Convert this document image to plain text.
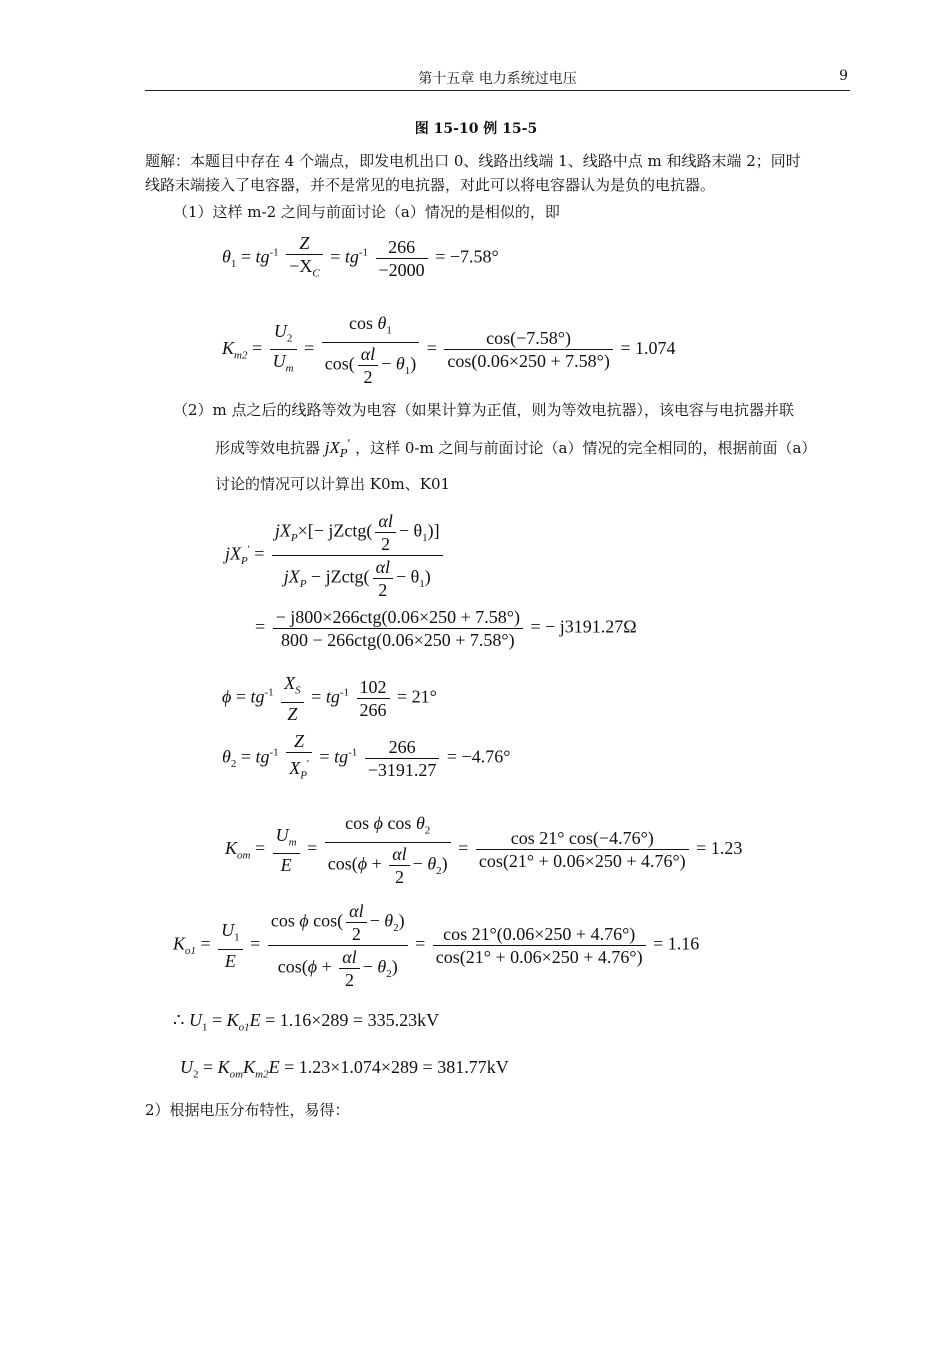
第十五章 电力系统过电压	9
图 15-10 例 15-5
题解：本题目中存在 4 个端点，即发电机出口 0、线路出线端 1、线路中点 m 和线路末端 2；同时
线路末端接入了电容器，并不是常见的电抗器，对此可以将电容器认为是负的电抗器。
（1）这样 m-2 之间与前面讨论（a）情况的是相似的，即
$\theta_1 = tg^{-1} \frac{Z}{-X_C} = tg^{-1} \frac{266}{-2000} = -7.58^\circ$
$K_{m2} = \frac{U_2}{U_m} = \frac{\cos \theta_1}{\cos( \frac{\alpha l}{2} - \theta_1)} = \frac{\cos(-7.58^\circ)}{\cos(0.06\times 250 + 7.58^\circ)} = 1.074$
（2）m 点之后的线路等效为电容（如果计算为正值，则为等效电抗器），该电容与电抗器并联
形成等效电抗器 $jX_P'$ ，这样 0-m 之间与前面讨论（a）情况的完全相同的，根据前面（a）
讨论的情况可以计算出 K0m、K01
$jX_P' = \frac{jX_P\times[- jZctg( \frac{\alpha l}{2} - \theta_1)]}{jX_P - jZctg( \frac{\alpha l}{2} - \theta_1)}$
= $\frac{\text{− j800×266ctg(0.06×250 + 7.58°)}}{\text{800 − 266ctg(0.06×250 + 7.58°)}}$ = − j3191.27Ω
$\phi = tg^{-1} \frac{X_S}{Z} = tg^{-1} \frac{102}{266} = 21^\circ$
$\theta_2 = tg^{-1} \frac{Z}{X_P'} = tg^{-1} \frac{266}{-3191.27} = -4.76^\circ$
$K_{om} = \frac{U_m}{E} = \frac{\cos \phi \cos \theta_2}{\cos(\phi + \frac{\alpha l}{2} - \theta_2)} = \frac{\cos 21^\circ \cos(-4.76^\circ)}{\cos(21^\circ + 0.06\times 250 + 4.76^\circ)} = 1.23$
$K_{o1} = \frac{U_1}{E} = \frac{\cos \phi \cos( \frac{\alpha l}{2} - \theta_2)}{\cos(\phi + \frac{\alpha l}{2} - \theta_2)} = \frac{\cos 21^\circ(0.06\times 250 + 4.76^\circ)}{\cos(21^\circ + 0.06\times 250 + 4.76^\circ)} = 1.16$
∴ $U_1 = K_{o1}E = 1.16\times 289 = 335.23kV$
$U_2 = K_{om}K_{m2}E = 1.23\times 1.074\times 289 = 381.77kV$
2）根据电压分布特性，易得：
